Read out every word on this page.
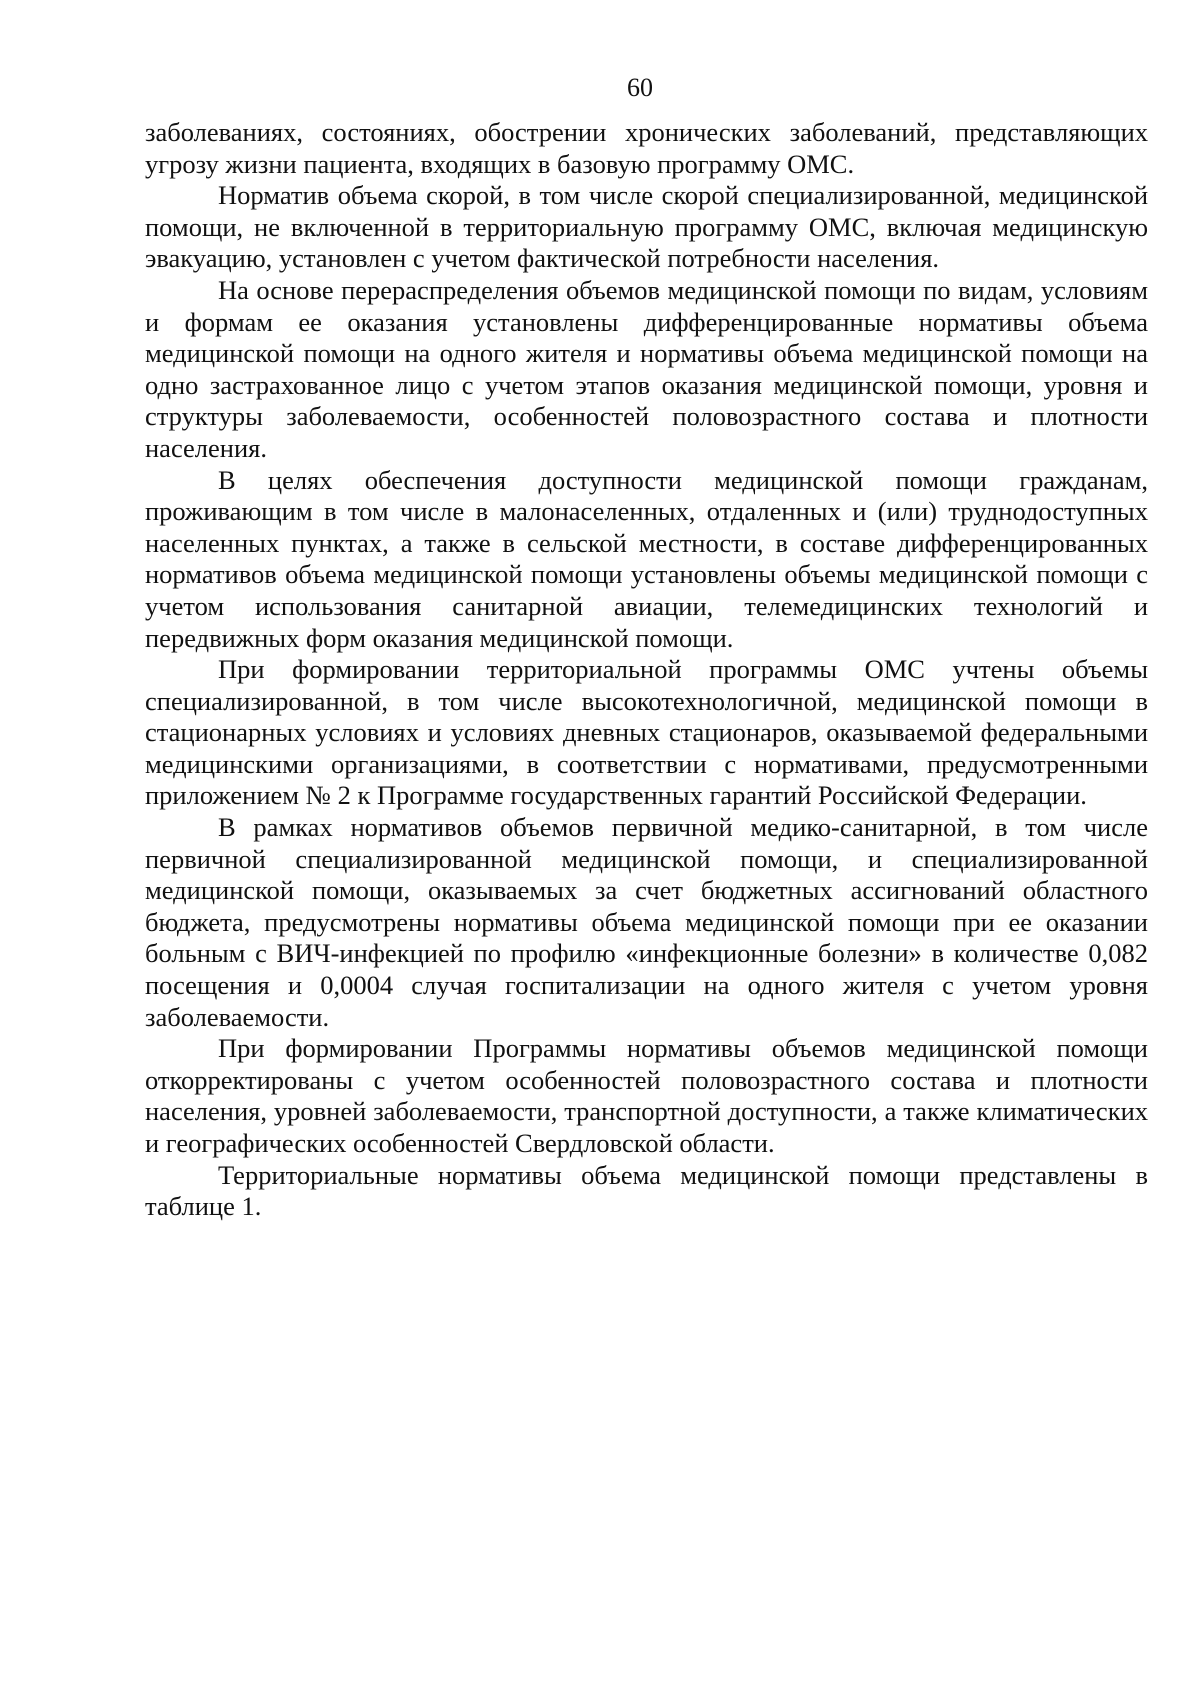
60

заболеваниях, состояниях, обострении хронических заболеваний, представляющих угрозу жизни пациента, входящих в базовую программу ОМС.

Норматив объема скорой, в том числе скорой специализированной, медицинской помощи, не включенной в территориальную программу ОМС, включая медицинскую эвакуацию, установлен с учетом фактической потребности населения.

На основе перераспределения объемов медицинской помощи по видам, условиям и формам ее оказания установлены дифференцированные нормативы объема медицинской помощи на одного жителя и нормативы объема медицинской помощи на одно застрахованное лицо с учетом этапов оказания медицинской помощи, уровня и структуры заболеваемости, особенностей половозрастного состава и плотности населения.

В целях обеспечения доступности медицинской помощи гражданам, проживающим в том числе в малонаселенных, отдаленных и (или) труднодоступных населенных пунктах, а также в сельской местности, в составе дифференцированных нормативов объема медицинской помощи установлены объемы медицинской помощи с учетом использования санитарной авиации, телемедицинских технологий и передвижных форм оказания медицинской помощи.

При формировании территориальной программы ОМС учтены объемы специализированной, в том числе высокотехнологичной, медицинской помощи в стационарных условиях и условиях дневных стационаров, оказываемой федеральными медицинскими организациями, в соответствии с нормативами, предусмотренными приложением № 2 к Программе государственных гарантий Российской Федерации.

В рамках нормативов объемов первичной медико-санитарной, в том числе первичной специализированной медицинской помощи, и специализированной медицинской помощи, оказываемых за счет бюджетных ассигнований областного бюджета, предусмотрены нормативы объема медицинской помощи при ее оказании больным с ВИЧ-инфекцией по профилю «инфекционные болезни» в количестве 0,082 посещения и 0,0004 случая госпитализации на одного жителя с учетом уровня заболеваемости.

При формировании Программы нормативы объемов медицинской помощи откорректированы с учетом особенностей половозрастного состава и плотности населения, уровней заболеваемости, транспортной доступности, а также климатических и географических особенностей Свердловской области.

Территориальные нормативы объема медицинской помощи представлены в таблице 1.
